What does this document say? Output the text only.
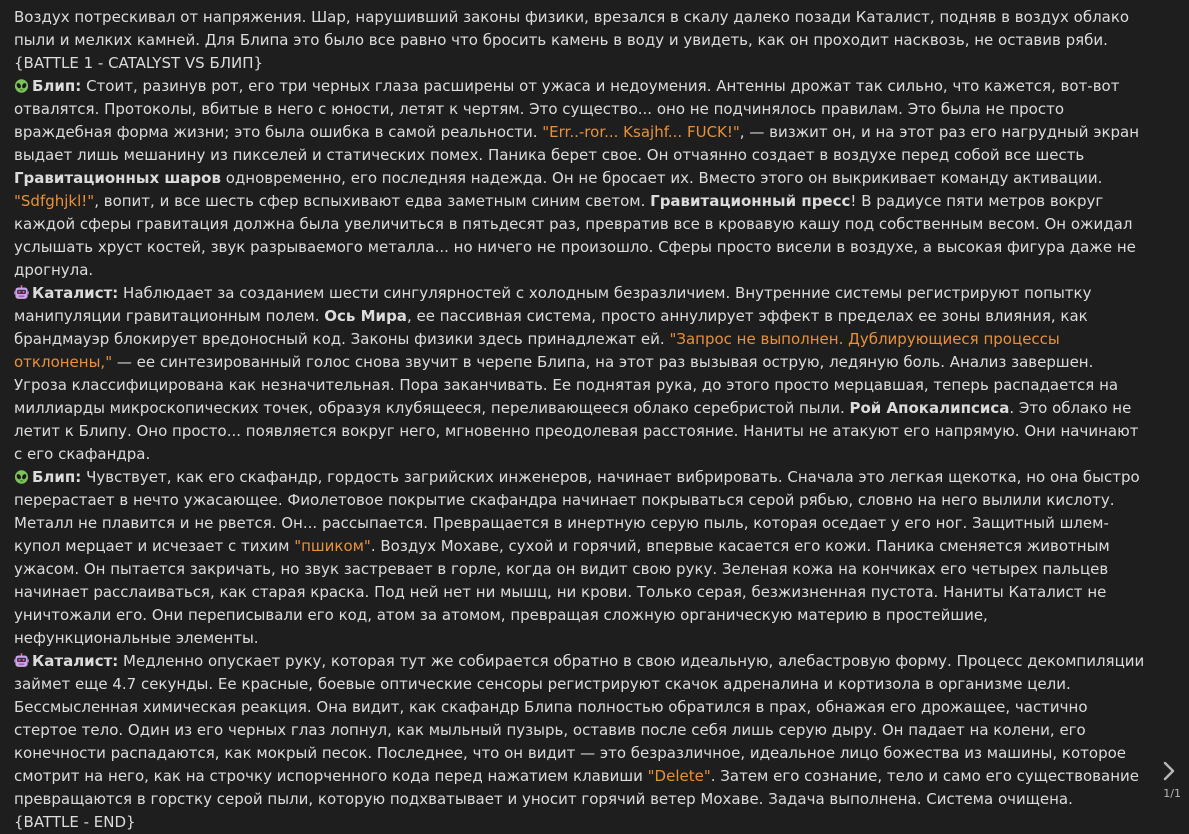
Воздух потрескивал от напряжения. Шар, нарушивший законы физики, врезался в скалу далеко позади Каталист, подняв в воздух облако пыли и мелких камней. Для Блипа это было все равно что бросить камень в воду и увидеть, как он проходит насквозь, не оставив ряби.

{BATTLE 1 - CATALYST VS БЛИП}

Блип: Стоит, разинув рот, его три черных глаза расширены от ужаса и недоумения. Антенны дрожат так сильно, что кажется, вот-вот отвалятся. Протоколы, вбитые в него с юности, летят к чертям. Это существо... оно не подчинялось правилам. Это была не просто враждебная форма жизни; это была ошибка в самой реальности. "Err..-ror... Ksajhf... FUCK!", — визжит он, и на этот раз его нагрудный экран выдает лишь мешанину из пикселей и статических помех. Паника берет свое. Он отчаянно создает в воздухе перед собой все шесть Гравитационных шаров одновременно, его последняя надежда. Он не бросает их. Вместо этого он выкрикивает команду активации. "Sdfghjkl!", вопит, и все шесть сфер вспыхивают едва заметным синим светом. Гравитационный пресс! В радиусе пяти метров вокруг каждой сферы гравитация должна была увеличиться в пятьдесят раз, превратив все в кровавую кашу под собственным весом. Он ожидал услышать хруст костей, звук разрываемого металла... но ничего не произошло. Сферы просто висели в воздухе, а высокая фигура даже не дрогнула.

Каталист: Наблюдает за созданием шести сингулярностей с холодным безразличием. Внутренние системы регистрируют попытку манипуляции гравитационным полем. Ось Мира, ее пассивная система, просто аннулирует эффект в пределах ее зоны влияния, как брандмауэр блокирует вредоносный код. Законы физики здесь принадлежат ей. "Запрос не выполнен. Дублирующиеся процессы отклонены," — ее синтезированный голос снова звучит в черепе Блипа, на этот раз вызывая острую, ледяную боль. Анализ завершен. Угроза классифицирована как незначительная. Пора заканчивать. Ее поднятая рука, до этого просто мерцавшая, теперь распадается на миллиарды микроскопических точек, образуя клубящееся, переливающееся облако серебристой пыли. Рой Апокалипсиса. Это облако не летит к Блипу. Оно просто... появляется вокруг него, мгновенно преодолевая расстояние. Наниты не атакуют его напрямую. Они начинают с его скафандра.

Блип: Чувствует, как его скафандр, гордость загрийских инженеров, начинает вибрировать. Сначала это легкая щекотка, но она быстро перерастает в нечто ужасающее. Фиолетовое покрытие скафандра начинает покрываться серой рябью, словно на него вылили кислоту. Металл не плавится и не рвется. Он... рассыпается. Превращается в инертную серую пыль, которая оседает у его ног. Защитный шлем-купол мерцает и исчезает с тихим "пшиком". Воздух Мохаве, сухой и горячий, впервые касается его кожи. Паника сменяется животным ужасом. Он пытается закричать, но звук застревает в горле, когда он видит свою руку. Зеленая кожа на кончиках его четырех пальцев начинает расслаиваться, как старая краска. Под ней нет ни мышц, ни крови. Только серая, безжизненная пустота. Наниты Каталист не уничтожали его. Они переписывали его код, атом за атомом, превращая сложную органическую материю в простейшие, нефункциональные элементы.

Каталист: Медленно опускает руку, которая тут же собирается обратно в свою идеальную, алебастровую форму. Процесс декомпиляции займет еще 4.7 секунды. Ее красные, боевые оптические сенсоры регистрируют скачок адреналина и кортизола в организме цели. Бессмысленная химическая реакция. Она видит, как скафандр Блипа полностью обратился в прах, обнажая его дрожащее, частично стертое тело. Один из его черных глаз лопнул, как мыльный пузырь, оставив после себя лишь серую дыру. Он падает на колени, его конечности распадаются, как мокрый песок. Последнее, что он видит — это безразличное, идеальное лицо божества из машины, которое смотрит на него, как на строчку испорченного кода перед нажатием клавиши "Delete". Затем его сознание, тело и само его существование превращаются в горстку серой пыли, которую подхватывает и уносит горячий ветер Мохаве. Задача выполнена. Система очищена.

{BATTLE - END}
1/1
